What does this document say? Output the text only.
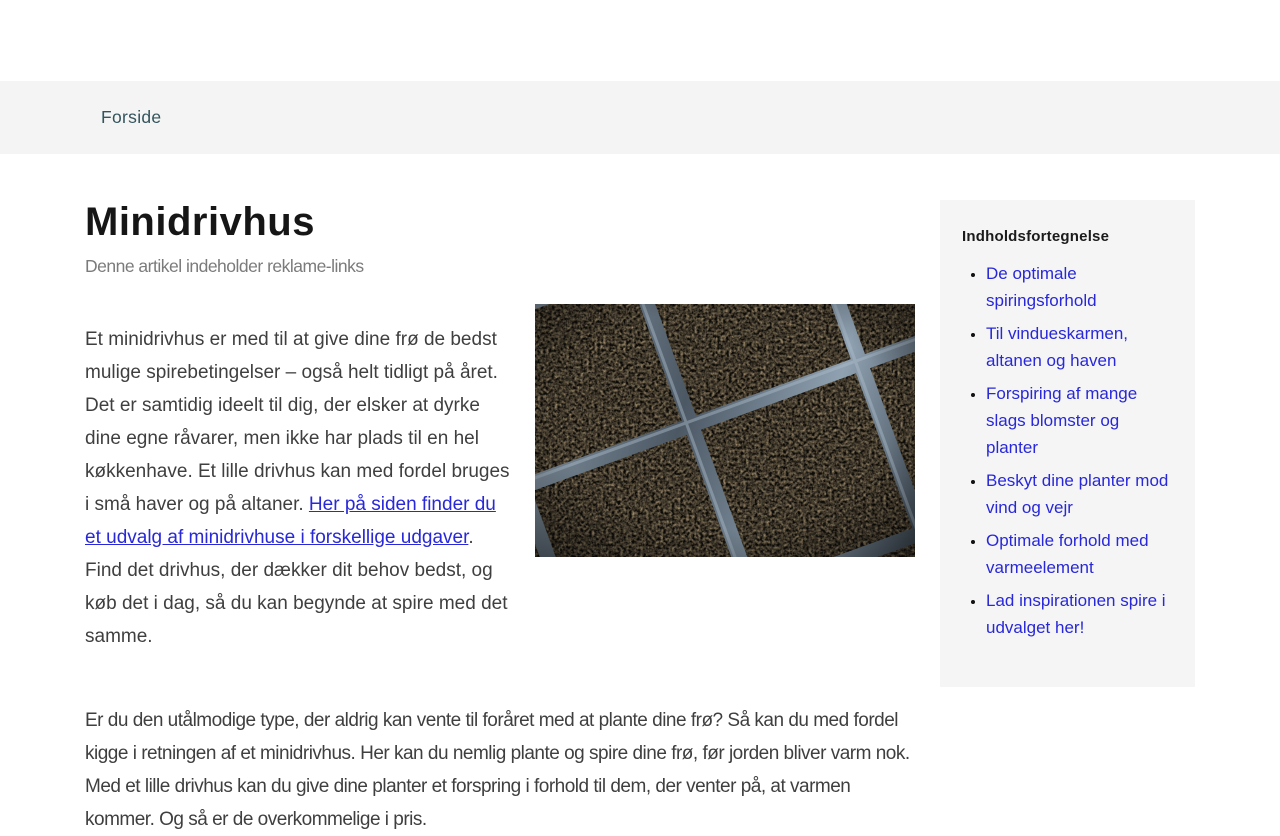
Forside
Minidrivhus
Denne artikel indeholder reklame-links

Et minidrivhus er med til at give dine frø de bedst mulige spirebetingelser – også helt tidligt på året. Det er samtidig ideelt til dig, der elsker at dyrke dine egne råvarer, men ikke har plads til en hel køkkenhave. Et lille drivhus kan med fordel bruges i små haver og på altaner. Her på siden finder du et udvalg af minidrivhuse i forskellige udgaver. Find det drivhus, der dækker dit behov bedst, og køb det i dag, så du kan begynde at spire med det samme.

Er du den utålmodige type, der aldrig kan vente til foråret med at plante dine frø? Så kan du med fordel kigge i retningen af et minidrivhus. Her kan du nemlig plante og spire dine frø, før jorden bliver varm nok. Med et lille drivhus kan du give dine planter et forspring i forhold til dem, der venter på, at varmen kommer. Og så er de overkommelige i pris.

Indholdsfortegnelse
• De optimale spiringsforhold
• Til vindueskarmen, altanen og haven
• Forspiring af mange slags blomster og planter
• Beskyt dine planter mod vind og vejr
• Optimale forhold med varmeelement
• Lad inspirationen spire i udvalget her!
